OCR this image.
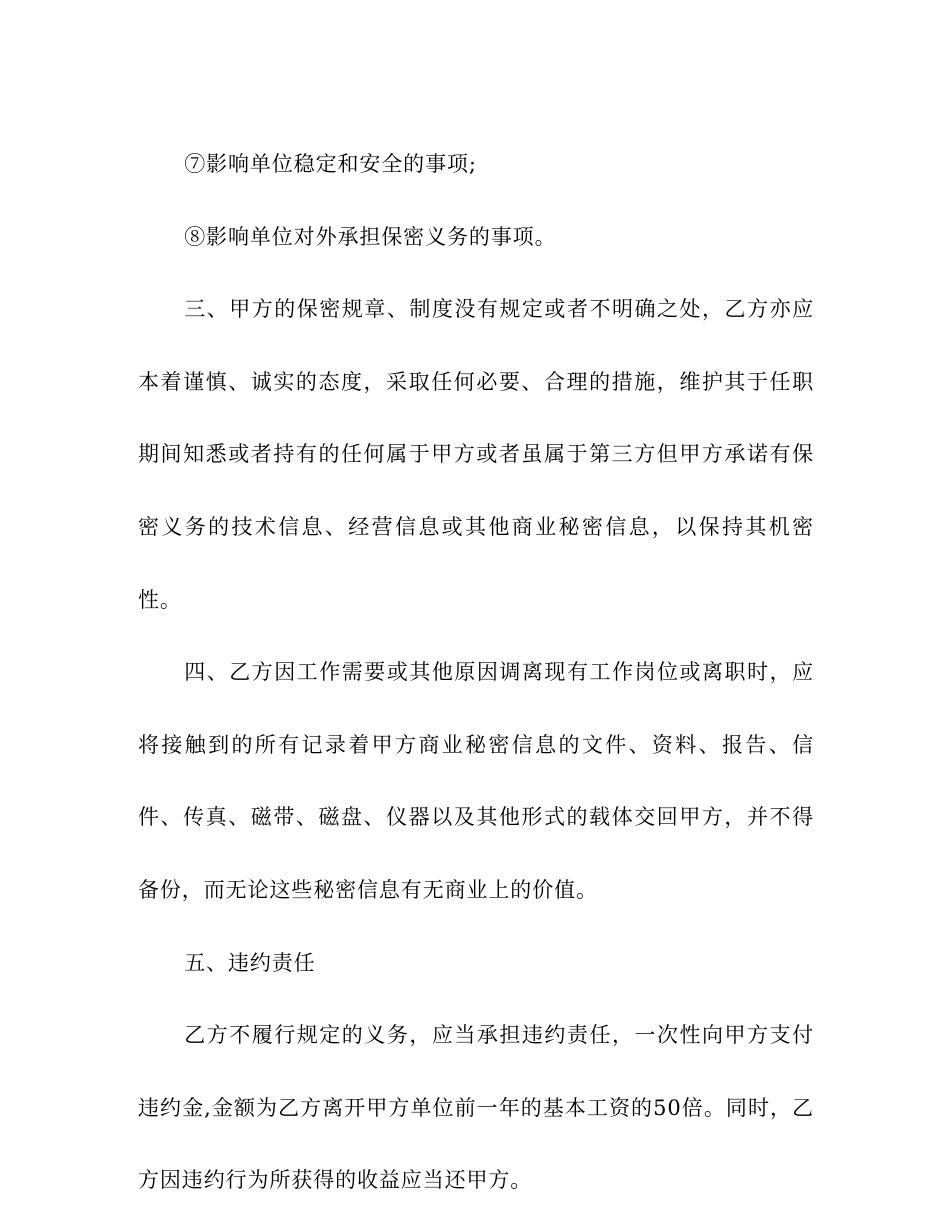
⑦影响单位稳定和安全的事项;

⑧影响单位对外承担保密义务的事项。

三、甲方的保密规章、制度没有规定或者不明确之处，乙方亦应本着谨慎、诚实的态度，采取任何必要、合理的措施，维护其于任职期间知悉或者持有的任何属于甲方或者虽属于第三方但甲方承诺有保密义务的技术信息、经营信息或其他商业秘密信息，以保持其机密性。

四、乙方因工作需要或其他原因调离现有工作岗位或离职时，应将接触到的所有记录着甲方商业秘密信息的文件、资料、报告、信件、传真、磁带、磁盘、仪器以及其他形式的载体交回甲方，并不得备份，而无论这些秘密信息有无商业上的价值。

五、违约责任

乙方不履行规定的义务，应当承担违约责任，一次性向甲方支付违约金,金额为乙方离开甲方单位前一年的基本工资的50倍。同时，乙方因违约行为所获得的收益应当还甲方。
